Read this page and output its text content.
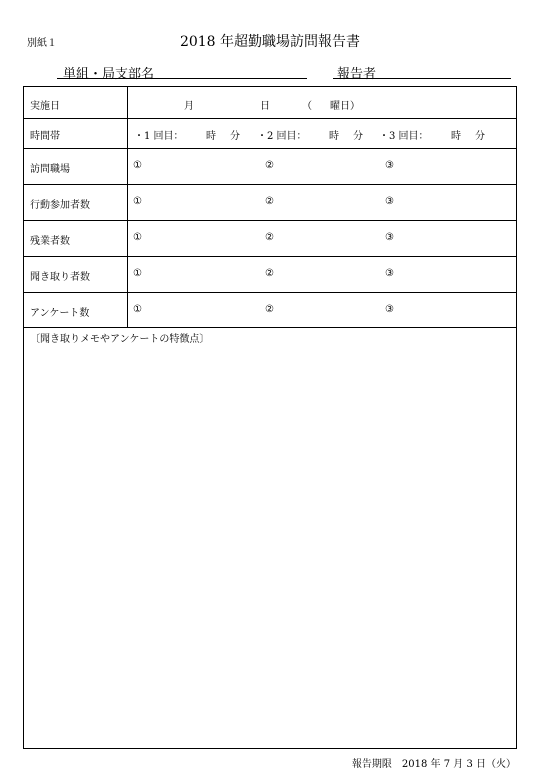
別紙１	2018 年超勤職場訪問報告書
単組・局支部名	報告者
実施日	月	日	（ 曜日）
時間帯	・1 回目： 時 分 ・2 回目： 時 分 ・3 回目： 時 分
訪問職場	①	②	③
行動参加者数	①	②	③
残業者数	①	②	③
聞き取り者数	①	②	③
アンケート数	①	②	③
〔聞き取りメモやアンケートの特徴点〕
報告期限　2018 年 7 月 3 日（火）
